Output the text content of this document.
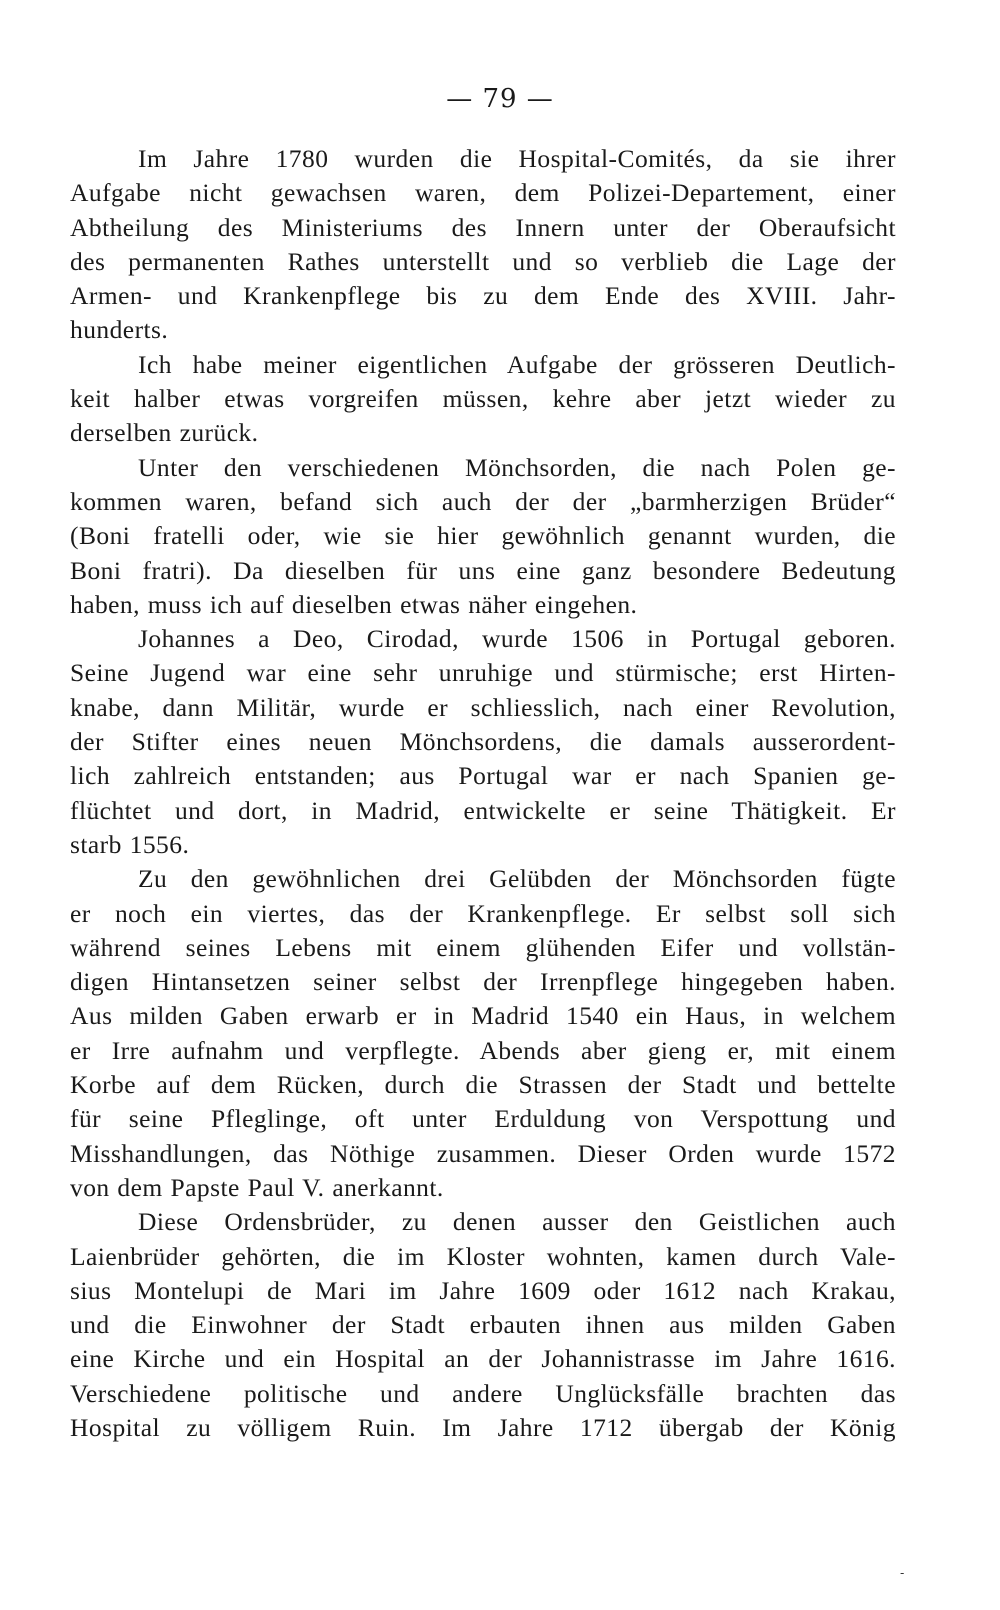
— 79 —
Im Jahre 1780 wurden die Hospital-Comités, da sie ihrer
Aufgabe nicht gewachsen waren, dem Polizei-Departement, einer
Abtheilung des Ministeriums des Innern unter der Oberaufsicht
des permanenten Rathes unterstellt und so verblieb die Lage der
Armen- und Krankenpflege bis zu dem Ende des XVIII. Jahr-
hunderts.
Ich habe meiner eigentlichen Aufgabe der grösseren Deutlich-
keit halber etwas vorgreifen müssen, kehre aber jetzt wieder zu
derselben zurück.
Unter den verschiedenen Mönchsorden, die nach Polen ge-
kommen waren, befand sich auch der der „barmherzigen Brüder“
(Boni fratelli oder, wie sie hier gewöhnlich genannt wurden, die
Boni fratri). Da dieselben für uns eine ganz besondere Bedeutung
haben, muss ich auf dieselben etwas näher eingehen.
Johannes a Deo, Cirodad, wurde 1506 in Portugal geboren.
Seine Jugend war eine sehr unruhige und stürmische; erst Hirten-
knabe, dann Militär, wurde er schliesslich, nach einer Revolution,
der Stifter eines neuen Mönchsordens, die damals ausserordent-
lich zahlreich entstanden; aus Portugal war er nach Spanien ge-
flüchtet und dort, in Madrid, entwickelte er seine Thätigkeit. Er
starb 1556.
Zu den gewöhnlichen drei Gelübden der Mönchsorden fügte
er noch ein viertes, das der Krankenpflege. Er selbst soll sich
während seines Lebens mit einem glühenden Eifer und vollstän-
digen Hintansetzen seiner selbst der Irrenpflege hingegeben haben.
Aus milden Gaben erwarb er in Madrid 1540 ein Haus, in welchem
er Irre aufnahm und verpflegte. Abends aber gieng er, mit einem
Korbe auf dem Rücken, durch die Strassen der Stadt und bettelte
für seine Pfleglinge, oft unter Erduldung von Verspottung und
Misshandlungen, das Nöthige zusammen. Dieser Orden wurde 1572
von dem Papste Paul V. anerkannt.
Diese Ordensbrüder, zu denen ausser den Geistlichen auch
Laienbrüder gehörten, die im Kloster wohnten, kamen durch Vale-
sius Montelupi de Mari im Jahre 1609 oder 1612 nach Krakau,
und die Einwohner der Stadt erbauten ihnen aus milden Gaben
eine Kirche und ein Hospital an der Johannistrasse im Jahre 1616.
Verschiedene politische und andere Unglücksfälle brachten das
Hospital zu völligem Ruin. Im Jahre 1712 übergab der König
-
